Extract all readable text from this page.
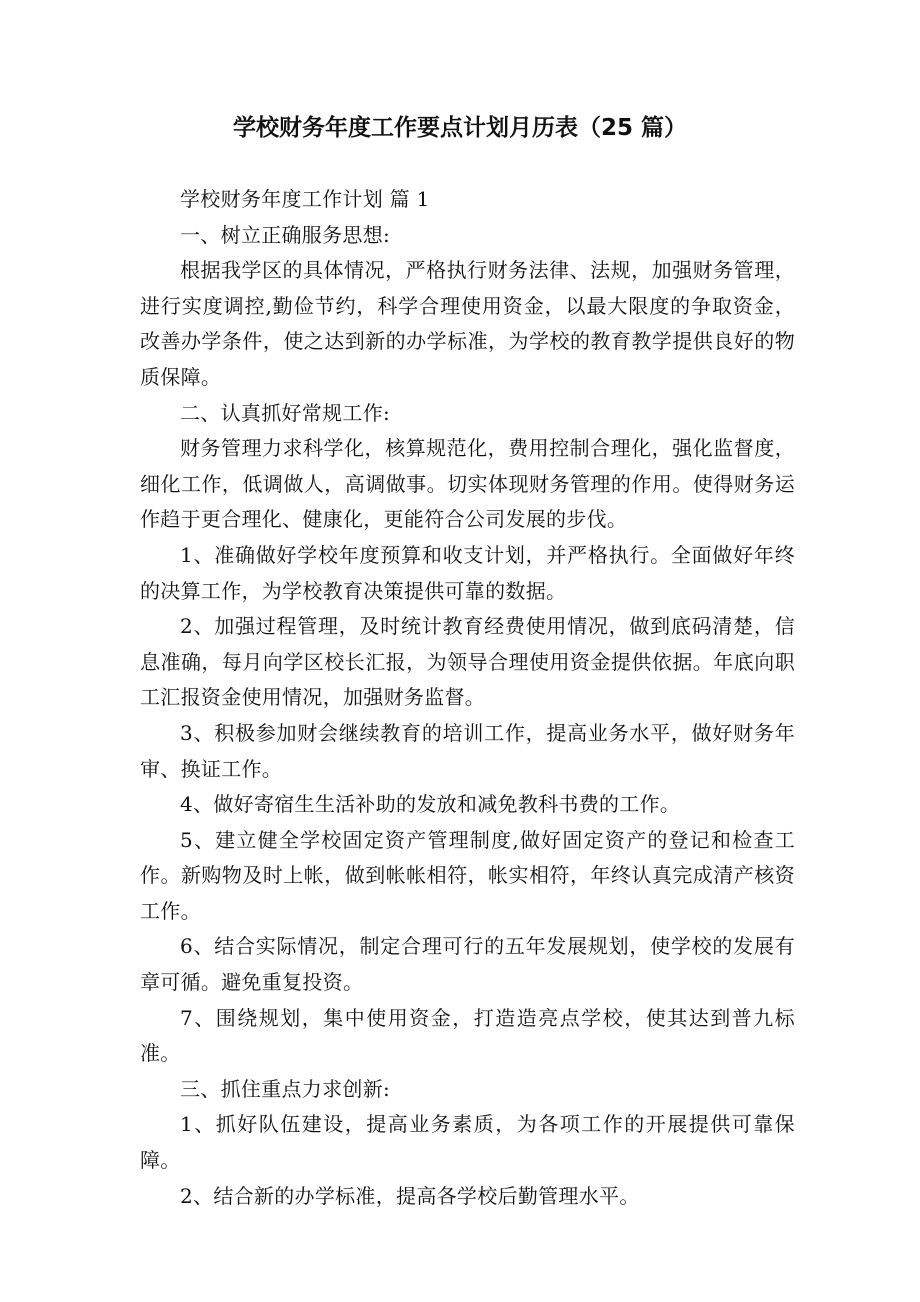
学校财务年度工作要点计划月历表（25 篇）

学校财务年度工作计划 篇 1

一、树立正确服务思想:

根据我学区的具体情况，严格执行财务法律、法规，加强财务管理，进行实度调控,勤俭节约，科学合理使用资金，以最大限度的争取资金，改善办学条件，使之达到新的办学标准，为学校的教育教学提供良好的物质保障。

二、认真抓好常规工作:

财务管理力求科学化，核算规范化，费用控制合理化，强化监督度，细化工作，低调做人，高调做事。切实体现财务管理的作用。使得财务运作趋于更合理化、健康化，更能符合公司发展的步伐。

1、准确做好学校年度预算和收支计划，并严格执行。全面做好年终的决算工作，为学校教育决策提供可靠的数据。

2、加强过程管理，及时统计教育经费使用情况，做到底码清楚，信息准确，每月向学区校长汇报，为领导合理使用资金提供依据。年底向职工汇报资金使用情况，加强财务监督。

3、积极参加财会继续教育的培训工作，提高业务水平，做好财务年审、换证工作。

4、做好寄宿生生活补助的发放和减免教科书费的工作。

5、建立健全学校固定资产管理制度,做好固定资产的登记和检查工作。新购物及时上帐，做到帐帐相符，帐实相符，年终认真完成清产核资工作。

6、结合实际情况，制定合理可行的五年发展规划，使学校的发展有章可循。避免重复投资。

7、围绕规划，集中使用资金，打造造亮点学校，使其达到普九标准。

三、抓住重点力求创新:

1、抓好队伍建设，提高业务素质，为各项工作的开展提供可靠保障。

2、结合新的办学标准，提高各学校后勤管理水平。
